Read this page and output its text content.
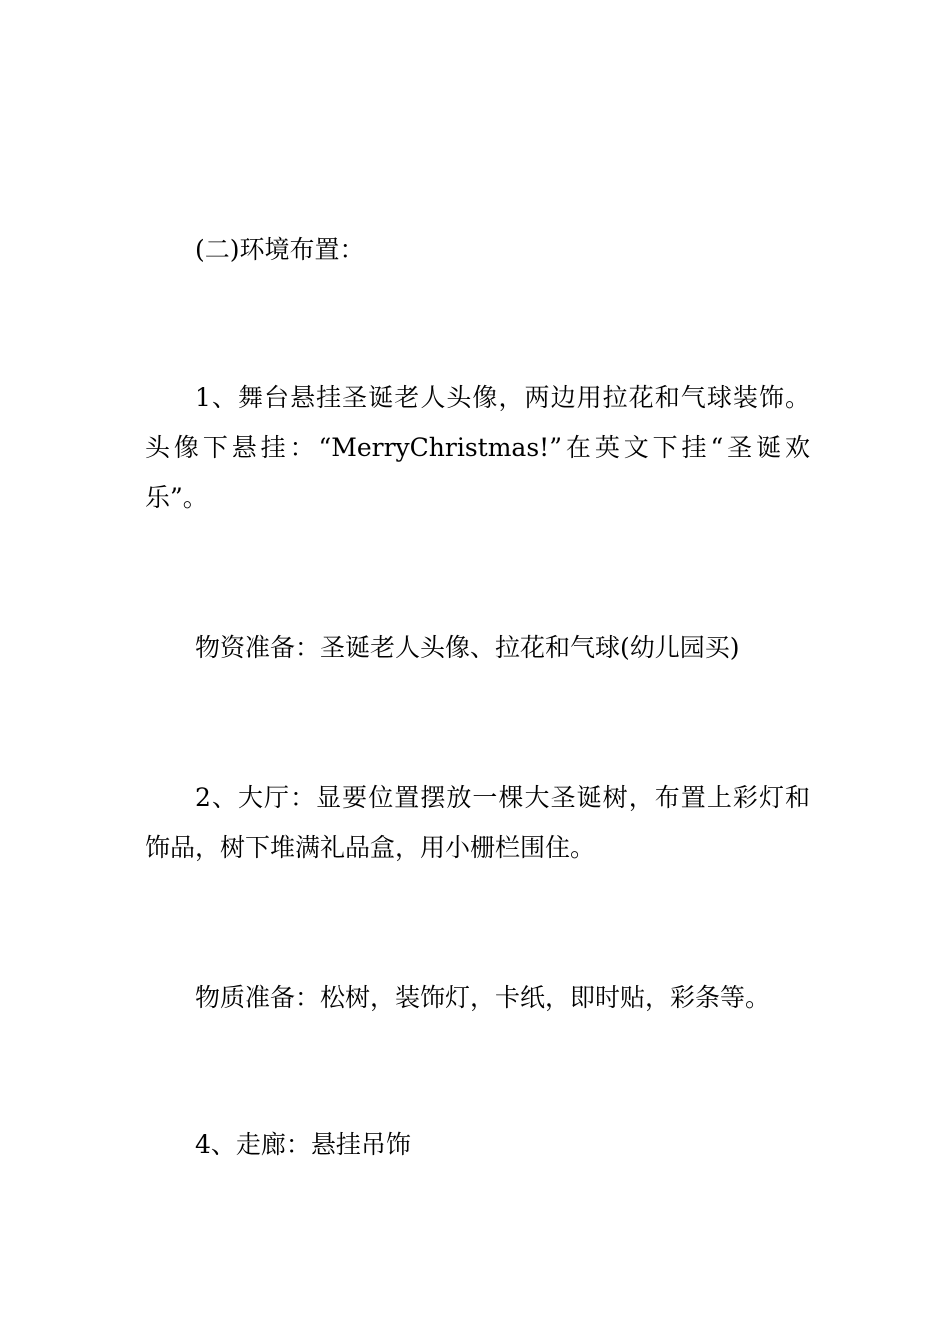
(二)环境布置：

1、舞台悬挂圣诞老人头像，两边用拉花和气球装饰。头像下悬挂：“MerryChristmas!”在英文下挂“圣诞欢乐”。

物资准备：圣诞老人头像、拉花和气球(幼儿园买)

2、大厅：显要位置摆放一棵大圣诞树，布置上彩灯和饰品，树下堆满礼品盒，用小栅栏围住。

物质准备：松树，装饰灯，卡纸，即时贴，彩条等。

4、走廊：悬挂吊饰
